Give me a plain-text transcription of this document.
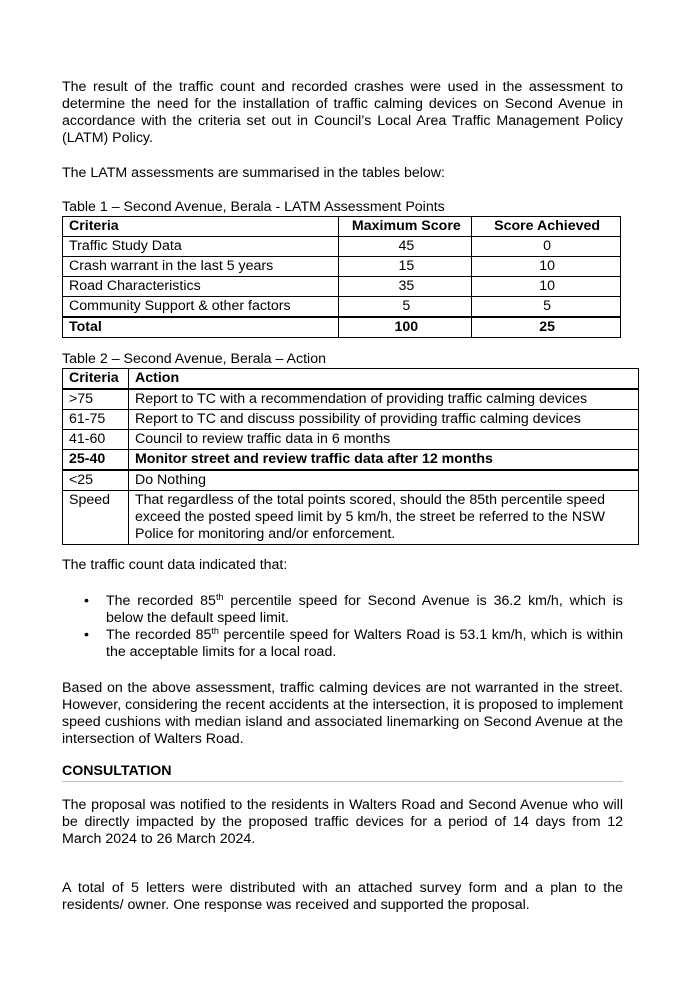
The result of the traffic count and recorded crashes were used in the assessment to determine the need for the installation of traffic calming devices on Second Avenue in accordance with the criteria set out in Council’s Local Area Traffic Management Policy (LATM) Policy.

The LATM assessments are summarised in the tables below:

Table 1 – Second Avenue, Berala - LATM Assessment Points

Criteria	Maximum Score	Score Achieved
Traffic Study Data	45	0
Crash warrant in the last 5 years	15	10
Road Characteristics	35	10
Community Support & other factors	5	5
Total	100	25

Table 2 – Second Avenue, Berala – Action

Criteria	Action
>75	Report to TC with a recommendation of providing traffic calming devices
61-75	Report to TC and discuss possibility of providing traffic calming devices
41-60	Council to review traffic data in 6 months
25-40	Monitor street and review traffic data after 12 months
<25	Do Nothing
Speed	That regardless of the total points scored, should the 85th percentile speed exceed the posted speed limit by 5 km/h, the street be referred to the NSW Police for monitoring and/or enforcement.

The traffic count data indicated that:

• The recorded 85th percentile speed for Second Avenue is 36.2 km/h, which is below the default speed limit.
• The recorded 85th percentile speed for Walters Road is 53.1 km/h, which is within the acceptable limits for a local road.

Based on the above assessment, traffic calming devices are not warranted in the street. However, considering the recent accidents at the intersection, it is proposed to implement speed cushions with median island and associated linemarking on Second Avenue at the intersection of Walters Road.

CONSULTATION

The proposal was notified to the residents in Walters Road and Second Avenue who will be directly impacted by the proposed traffic devices for a period of 14 days from 12 March 2024 to 26 March 2024.

A total of 5 letters were distributed with an attached survey form and a plan to the residents/ owner. One response was received and supported the proposal.
